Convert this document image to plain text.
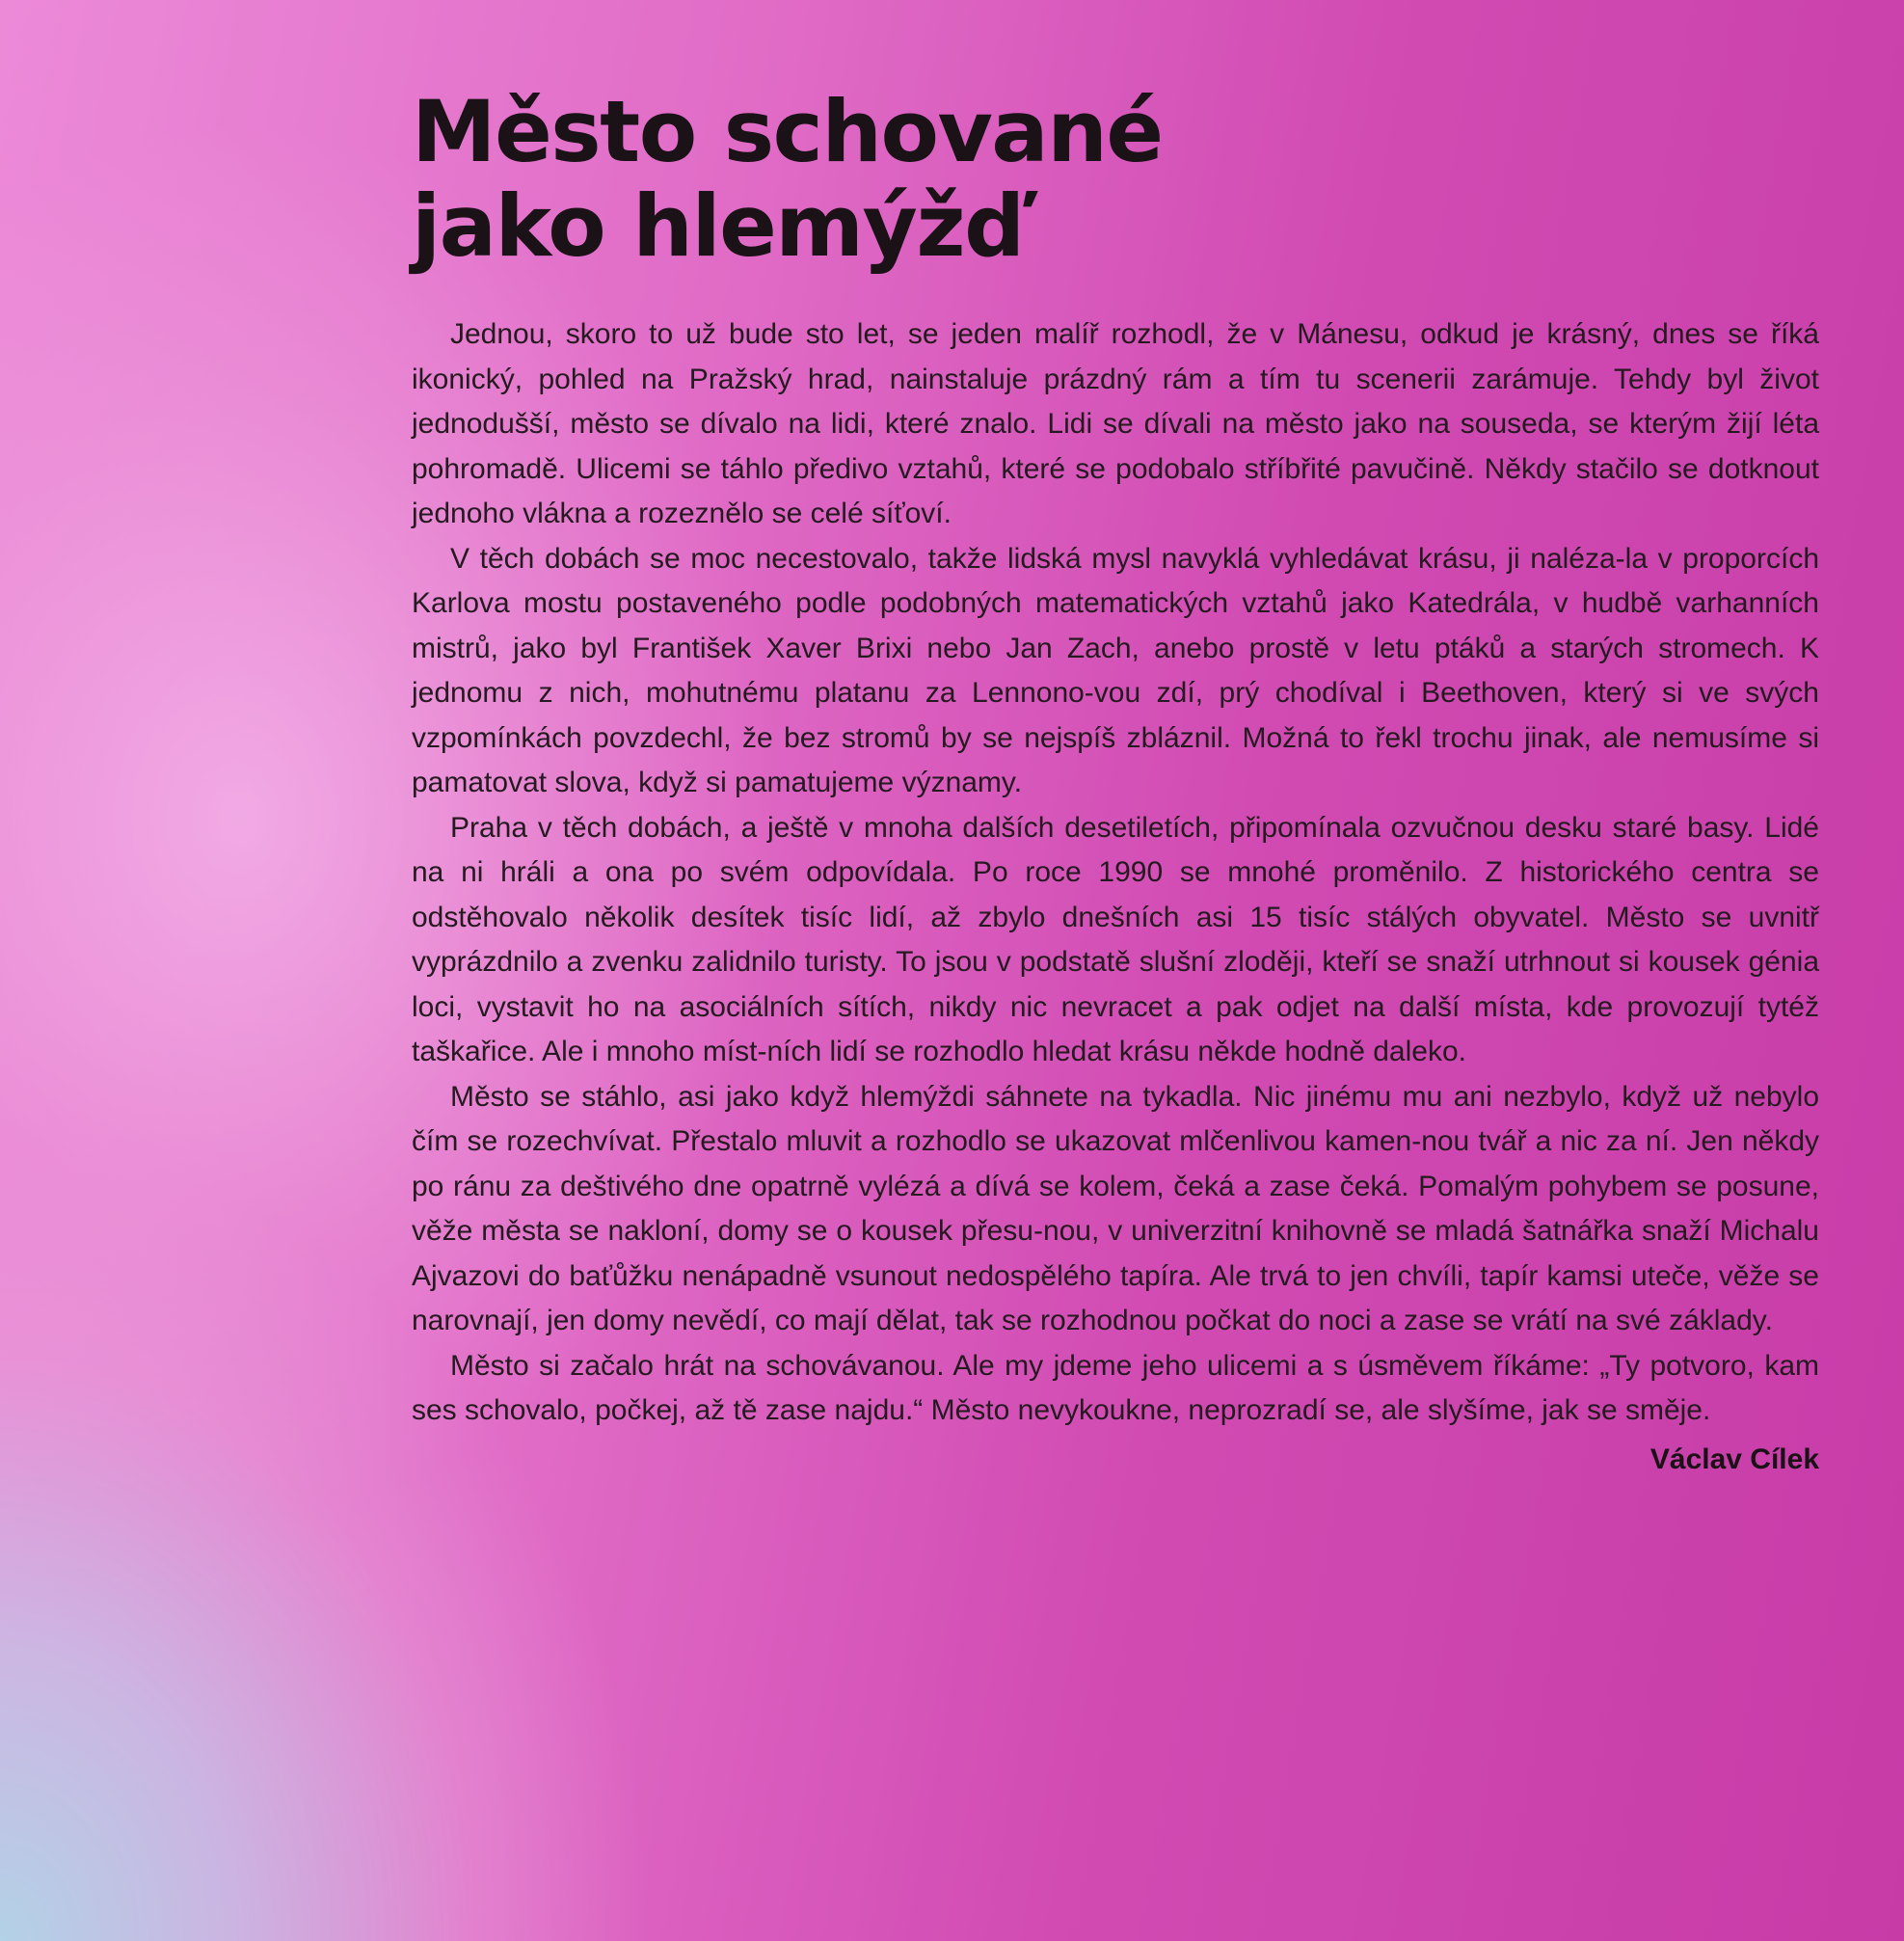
Město schované
jako hlemýžď

Jednou, skoro to už bude sto let, se jeden malíř rozhodl, že v Mánesu, odkud je krásný, dnes se říká ikonický, pohled na Pražský hrad, nainstaluje prázdný rám a tím tu scenerii zarámuje. Tehdy byl život jednodušší, město se dívalo na lidi, které znalo. Lidi se dívali na město jako na souseda, se kterým žijí léta pohromadě. Ulicemi se táhlo předivo vztahů, které se podobalo stříbřité pavučině. Někdy stačilo se dotknout jednoho vlákna a rozeznělo se celé síťoví.

V těch dobách se moc necestovalo, takže lidská mysl navyklá vyhledávat krásu, ji naléza-la v proporcích Karlova mostu postaveného podle podobných matematických vztahů jako Katedrála, v hudbě varhanních mistrů, jako byl František Xaver Brixi nebo Jan Zach, anebo prostě v letu ptáků a starých stromech. K jednomu z nich, mohutnému platanu za Lennono-vou zdí, prý chodíval i Beethoven, který si ve svých vzpomínkách povzdechl, že bez stromů by se nejspíš zbláznil. Možná to řekl trochu jinak, ale nemusíme si pamatovat slova, když si pamatujeme významy.

Praha v těch dobách, a ještě v mnoha dalších desetiletích, připomínala ozvučnou desku staré basy. Lidé na ni hráli a ona po svém odpovídala. Po roce 1990 se mnohé proměnilo. Z historického centra se odstěhovalo několik desítek tisíc lidí, až zbylo dnešních asi 15 tisíc stálých obyvatel. Město se uvnitř vyprázdnilo a zvenku zalidnilo turisty. To jsou v podstatě slušní zloději, kteří se snaží utrhnout si kousek génia loci, vystavit ho na asociálních sítích, nikdy nic nevracet a pak odjet na další místa, kde provozují tytéž taškařice. Ale i mnoho míst-ních lidí se rozhodlo hledat krásu někde hodně daleko.

Město se stáhlo, asi jako když hlemýždi sáhnete na tykadla. Nic jinému mu ani nezbylo, když už nebylo čím se rozechvívat. Přestalo mluvit a rozhodlo se ukazovat mlčenlivou kamen-nou tvář a nic za ní. Jen někdy po ránu za deštivého dne opatrně vylézá a dívá se kolem, čeká a zase čeká. Pomalým pohybem se posune, věže města se nakloní, domy se o kousek přesu-nou, v univerzitní knihovně se mladá šatnářka snaží Michalu Ajvazovi do baťůžku nenápadně vsunout nedospělého tapíra. Ale trvá to jen chvíli, tapír kamsi uteče, věže se narovnají, jen domy nevědí, co mají dělat, tak se rozhodnou počkat do noci a zase se vrátí na své základy.

Město si začalo hrát na schovávanou. Ale my jdeme jeho ulicemi a s úsměvem říkáme: „Ty potvoro, kam ses schovalo, počkej, až tě zase najdu.“ Město nevykoukne, neprozradí se, ale slyšíme, jak se směje.

Václav Cílek
